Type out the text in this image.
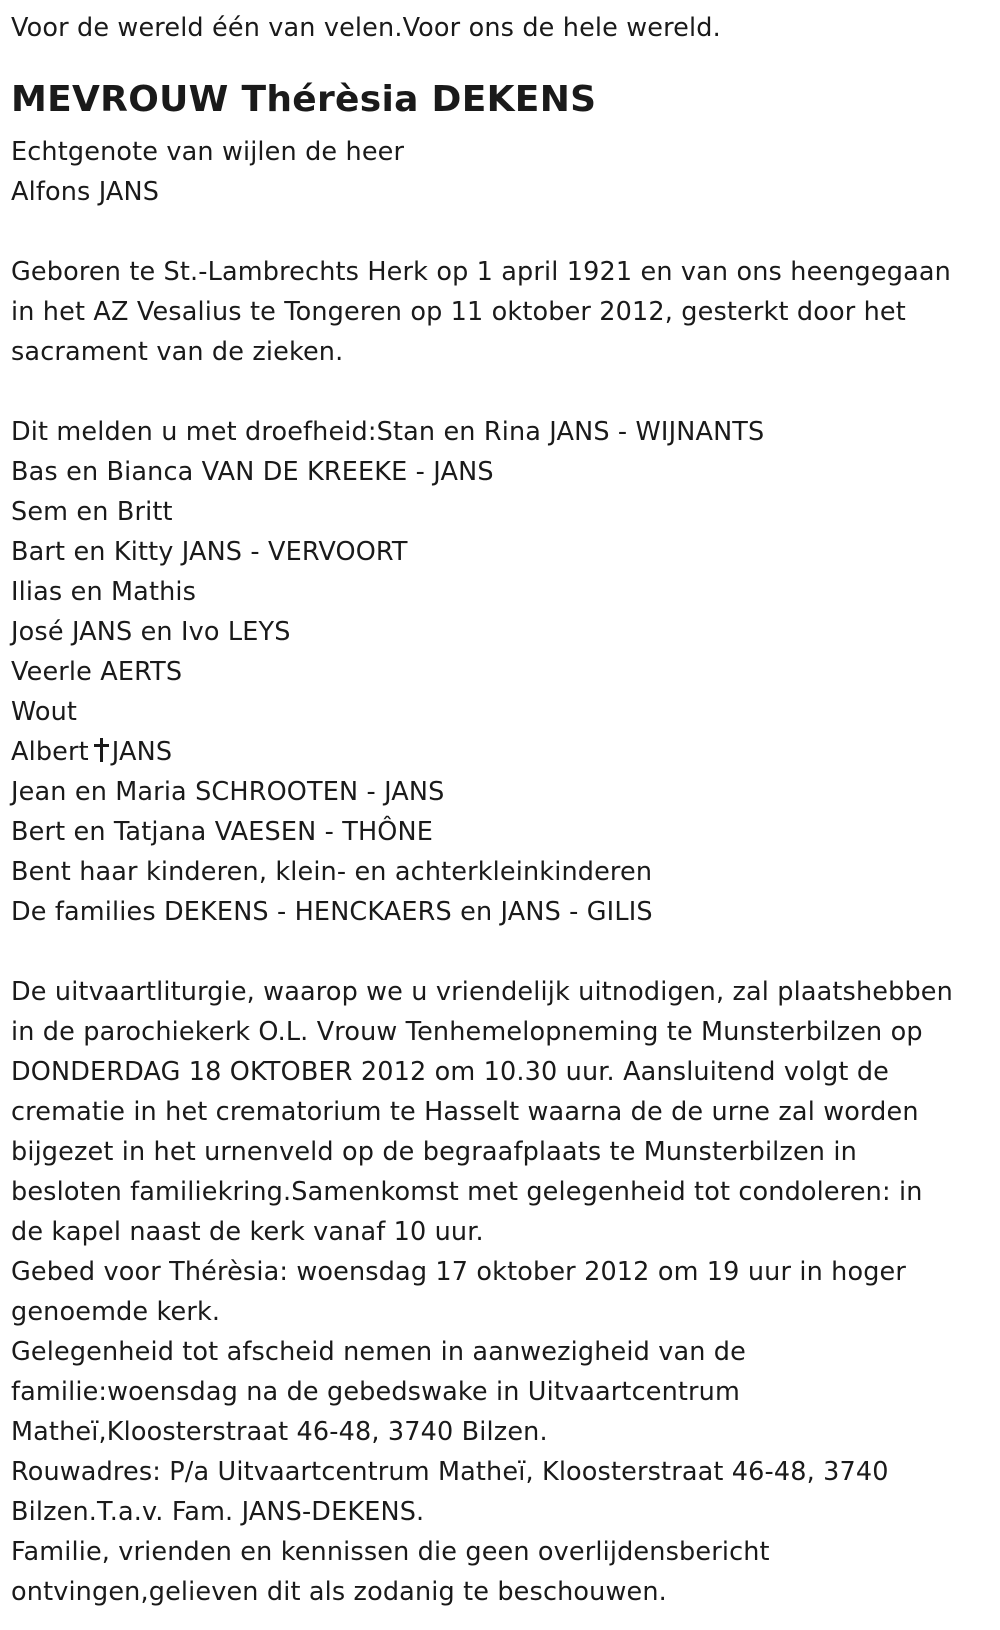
Voor de wereld één van velen.Voor ons de hele wereld.
MEVROUW Thérèsia DEKENS
Echtgenote van wijlen de heer
Alfons JANS
Geboren te St.-Lambrechts Herk op 1 april 1921 en van ons heengegaan
in het AZ Vesalius te Tongeren op 11 oktober 2012, gesterkt door het
sacrament van de zieken.
Dit melden u met droefheid:Stan en Rina JANS - WIJNANTS
Bas en Bianca VAN DE KREEKE - JANS
Sem en Britt
Bart en Kitty JANS - VERVOORT
Ilias en Mathis
José JANS en Ivo LEYS
Veerle AERTS
Wout
Albert JANS
Jean en Maria SCHROOTEN - JANS
Bert en Tatjana VAESEN - THÔNE
Bent haar kinderen, klein- en achterkleinkinderen
De families DEKENS - HENCKAERS en JANS - GILIS
De uitvaartliturgie, waarop we u vriendelijk uitnodigen, zal plaatshebben
in de parochiekerk O.L. Vrouw Tenhemelopneming te Munsterbilzen op
DONDERDAG 18 OKTOBER 2012 om 10.30 uur. Aansluitend volgt de
crematie in het crematorium te Hasselt waarna de de urne zal worden
bijgezet in het urnenveld op de begraafplaats te Munsterbilzen in
besloten familiekring.Samenkomst met gelegenheid tot condoleren: in
de kapel naast de kerk vanaf 10 uur.
Gebed voor Thérèsia: woensdag 17 oktober 2012 om 19 uur in hoger
genoemde kerk.
Gelegenheid tot afscheid nemen in aanwezigheid van de
familie:woensdag na de gebedswake in Uitvaartcentrum
Matheï,Kloosterstraat 46-48, 3740 Bilzen.
Rouwadres: P/a Uitvaartcentrum Matheï, Kloosterstraat 46-48, 3740
Bilzen.T.a.v. Fam. JANS-DEKENS.
Familie, vrienden en kennissen die geen overlijdensbericht
ontvingen,gelieven dit als zodanig te beschouwen.
